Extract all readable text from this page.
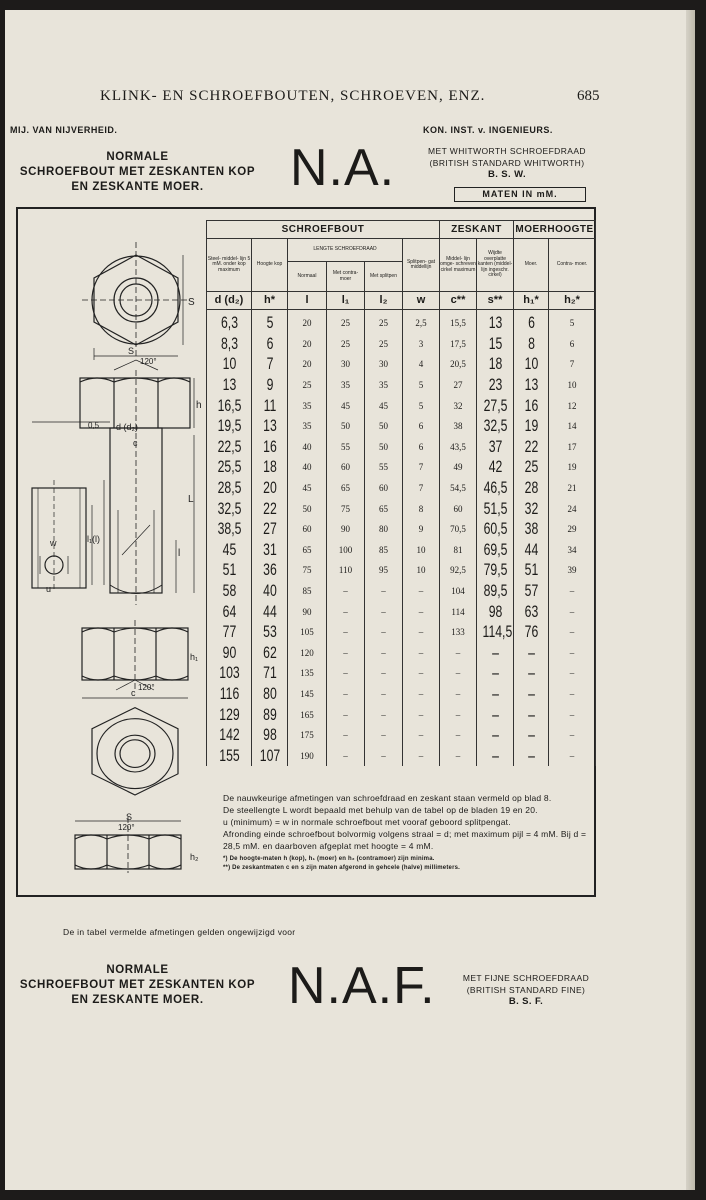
KLINK- EN SCHROEFBOUTEN, SCHROEVEN, ENZ.	685
MIJ. VAN NIJVERHEID.	KON. INST. v. INGENIEURS.
NORMALE
SCHROEFBOUT MET ZESKANTEN KOP
EN ZESKANTE MOER.	N.A.	MET WHITWORTH SCHROEFDRAAD
(BRITISH STANDARD WHITWORTH)
B. S. W.
MATEN IN mM.
S
S
120°
h
0,5 d (d₂)
c
L
w	l₁(l)
l
u
h₁
120°
c
S
120°
h₂
SCHROEFBOUT						ZESKANT		MOERHOOGTE	
Steel- middel- lijn 5 mM. onder kop maximum	Hoogte kop	LENGTE SCHROEFDRAAD			Splitpen- gat middellijn	Middel- lijn omge- schreven cirkel maximum	Wijdte overplatte kanten (middel- lijn ingeschr. cirkel)	Moer.	Contra- moer.
		Normaal	Met contra- moer	Met splitpen					
d (d₂)	h*	l	l₁	l₂	w	c**	s**	h₁*	h₂*
6,3	5	20	25	25	2,5	15,5	13	6	5
8,3	6	20	25	25	3	17,5	15	8	6
10	7	20	30	30	4	20,5	18	10	7
13	9	25	35	35	5	27	23	13	10
16,5	11	35	45	45	5	32	27,5	16	12
19,5	13	35	50	50	6	38	32,5	19	14
22,5	16	40	55	50	6	43,5	37	22	17
25,5	18	40	60	55	7	49	42	25	19
28,5	20	45	65	60	7	54,5	46,5	28	21
32,5	22	50	75	65	8	60	51,5	32	24
38,5	27	60	90	80	9	70,5	60,5	38	29
45	31	65	100	85	10	81	69,5	44	34
51	36	75	110	95	10	92,5	79,5	51	39
58	40	85	–	–	–	104	89,5	57	–
64	44	90	–	–	–	114	98	63	–
77	53	105	–	–	–	133	114,5	76	–
90	62	120	–	–	–	–	–	–	–
103	71	135	–	–	–	–	–	–	–
116	80	145	–	–	–	–	–	–	–
129	89	165	–	–	–	–	–	–	–
142	98	175	–	–	–	–	–	–	–
155	107	190	–	–	–	–	–	–	–

De nauwkeurige afmetingen van schroefdraad en zeskant staan vermeld op blad 8.

De steellengte L wordt bepaald met behulp van de tabel op de bladen 19 en 20.

u (minimum) = w in normale schroefbout met vooraf geboord splitpengat.

Afronding einde schroefbout bolvormig volgens straal = d; met maximum pijl = 4 mM. Bij d = 28,5 mM. en daarboven afgeplat met hoogte = 4 mM.

*) De hoogte-maten h (kop), h₁ (moer) en h₂ (contramoer) zijn minima.

**) De zeskantmaten c en s zijn maten afgerond in gehcele (halve) millimeters.

De in tabel vermelde afmetingen gelden ongewijzigd voor
NORMALE
SCHROEFBOUT MET ZESKANTEN KOP
EN ZESKANTE MOER.	N.A.F.	MET FIJNE SCHROEFDRAAD
(BRITISH STANDARD FINE)
B. S. F.
